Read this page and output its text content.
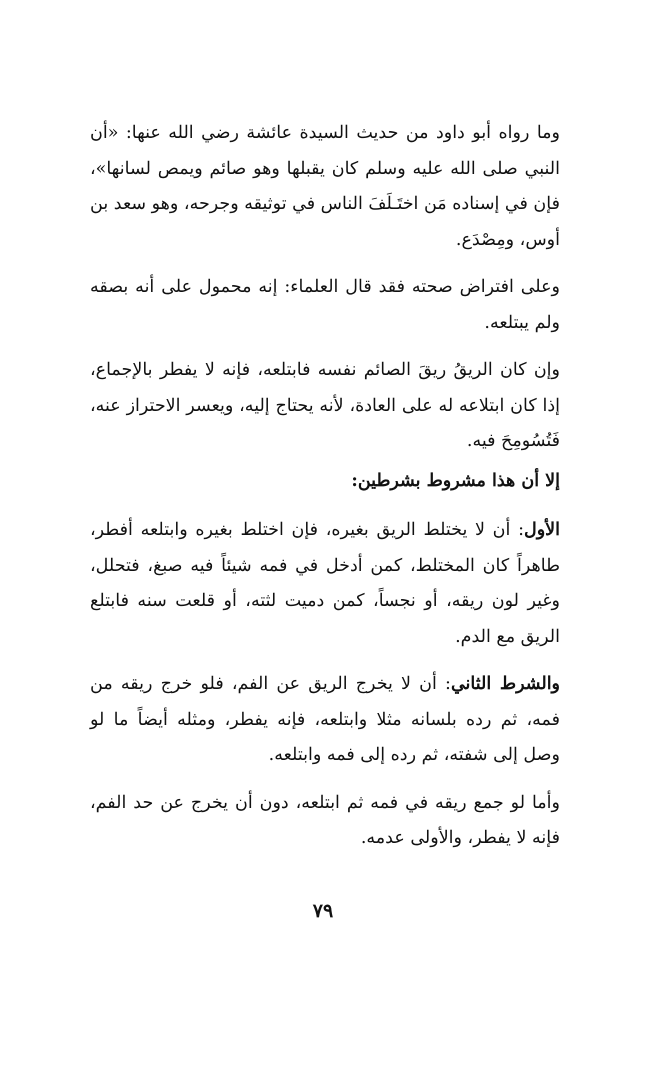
وما رواه أبو داود من حديث السيدة عائشة رضي الله عنها: «أن النبي صلى الله عليه وسلم كان يقبلها وهو صائم ويمص لسانها»، فإن في إسناده مَن اختَـلَفَ الناس في توثيقه وجرحه، وهو سعد بن أوس، ومِصْدَع.

وعلى افتراض صحته فقد قال العلماء: إنه محمول على أنه بصقه ولم يبتلعه.

وإن كان الريقُ ريقَ الصائم نفسه فابتلعه، فإنه لا يفطر بالإجماع، إذا كان ابتلاعه له على العادة، لأنه يحتاج إليه، ويعسر الاحتراز عنه، فَتُسُومِحَ فيه.

إلا أن هذا مشروط بشرطين:

الأول: أن لا يختلط الريق بغيره، فإن اختلط بغيره وابتلعه أفطر، طاهراً كان المختلط، كمن أدخل في فمه شيئاً فيه صبغ، فتحلل، وغير لون ريقه، أو نجساً، كمن دميت لثته، أو قلعت سنه فابتلع الريق مع الدم.

والشرط الثاني: أن لا يخرج الريق عن الفم، فلو خرج ريقه من فمه، ثم رده بلسانه مثلا وابتلعه، فإنه يفطر، ومثله أيضاً ما لو وصل إلى شفته، ثم رده إلى فمه وابتلعه.

وأما لو جمع ريقه في فمه ثم ابتلعه، دون أن يخرج عن حد الفم، فإنه لا يفطر، والأولى عدمه.

٧٩
